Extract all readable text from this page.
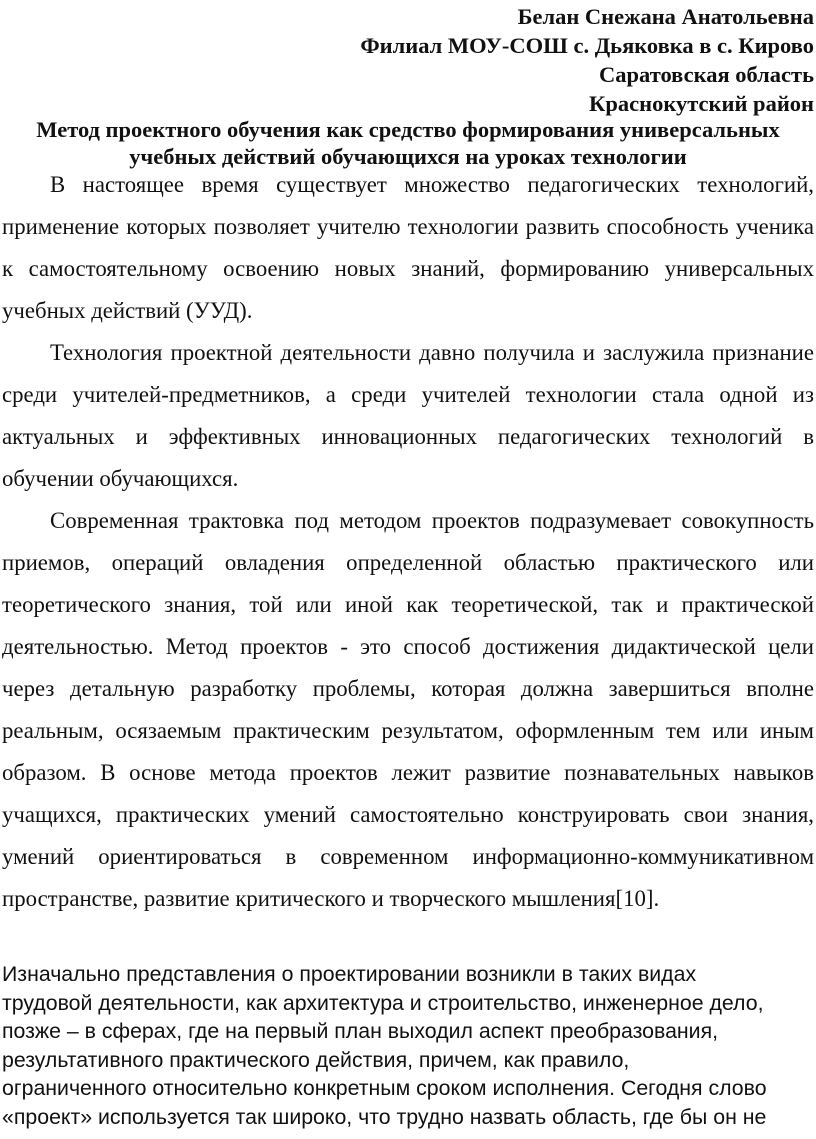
Белан Снежана Анатольевна
Филиал МОУ-СОШ с. Дьяковка в с. Кирово
Саратовская область
Краснокутский район
Метод проектного обучения как средство формирования универсальных
учебных действий обучающихся на уроках технологии

В настоящее время существует множество педагогических технологий, применение которых позволяет учителю технологии развить способность ученика к самостоятельному освоению новых знаний, формированию универсальных учебных действий (УУД).

Технология проектной деятельности давно получила и заслужила признание среди учителей-предметников, а среди учителей технологии стала одной из актуальных и эффективных инновационных педагогических технологий в обучении обучающихся.

Современная трактовка под методом проектов подразумевает совокупность приемов, операций овладения определенной областью практического или теоретического знания, той или иной как теоретической, так и практической деятельностью. Метод проектов - это способ достижения дидактической цели через детальную разработку проблемы, которая должна завершиться вполне реальным, осязаемым практическим результатом, оформленным тем или иным образом. В основе метода проектов лежит развитие познавательных навыков учащихся, практических умений самостоятельно конструировать свои знания, умений ориентироваться в современном информационно-коммуникативном пространстве, развитие критического и творческого мышления[10].

Изначально представления о проектировании возникли в таких видах

трудовой деятельности, как архитектура и строительство, инженерное дело,

позже – в сферах, где на первый план выходил аспект преобразования,

результативного практического действия, причем, как правило,

ограниченного относительно конкретным сроком исполнения. Сегодня слово

«проект» используется так широко, что трудно назвать область, где бы он не
